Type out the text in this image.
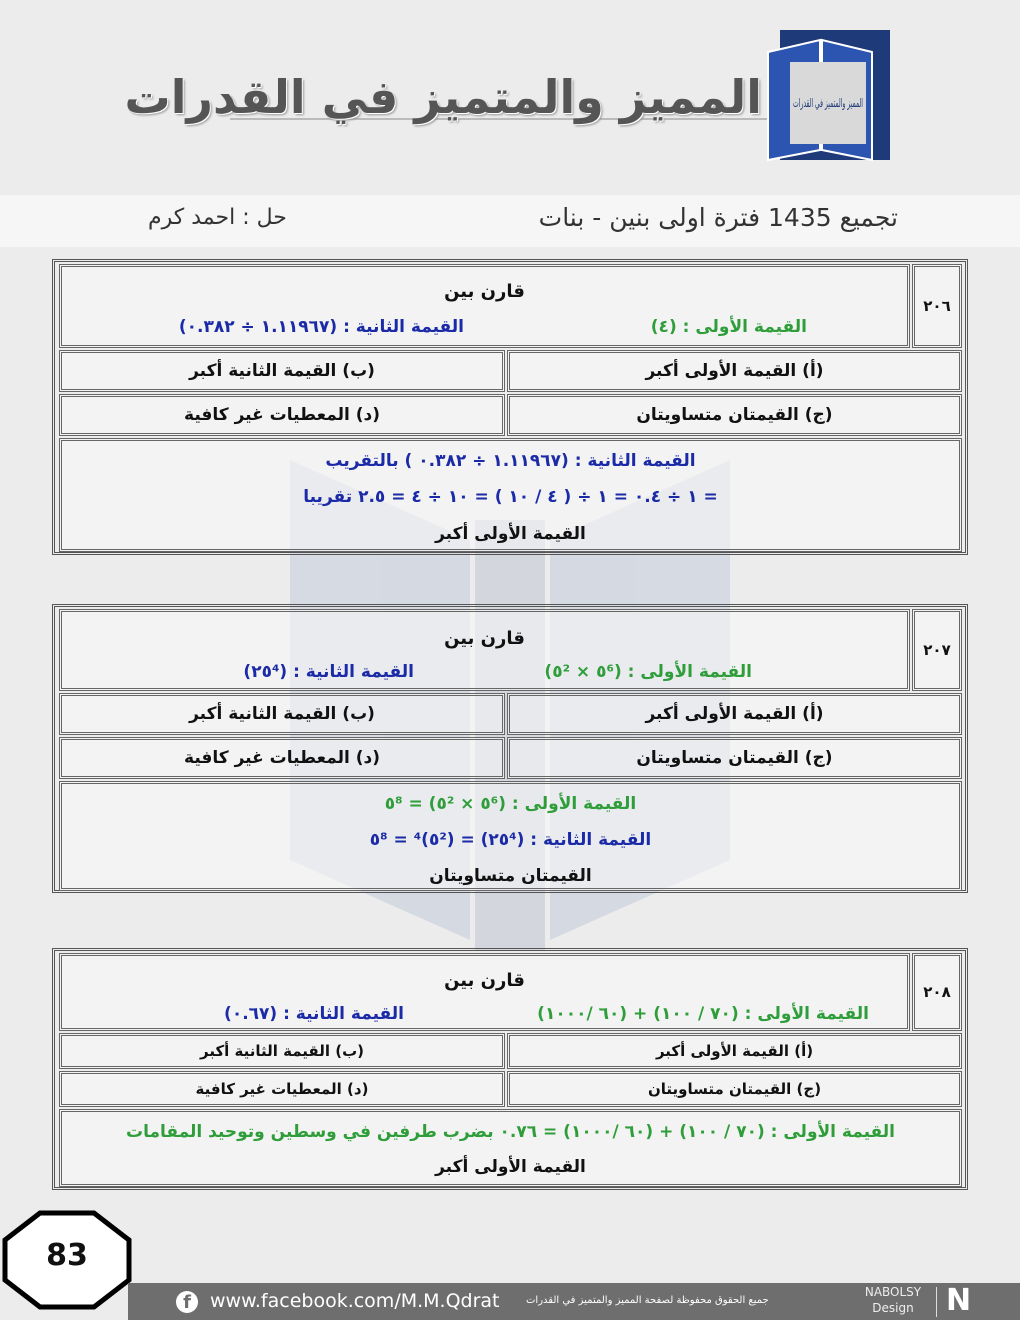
المميز والمتميز في القدرات	المميز والمتميز في القدرات
تجميع 1435 فترة اولى بنين - بنات
حل : احمد كرم
٢٠٦
قارن بين
القيمة الأولى : (٤)
القيمة الثانية : (١.١١٩٦٧ ÷ ٠.٣٨٢)
(أ) القيمة الأولى أكبر
(ب) القيمة الثانية أكبر
(ج) القيمتان متساويتان
(د) المعطيات غير كافية
القيمة الثانية : (١.١١٩٦٧ ÷ ٠.٣٨٢ ) بالتقريب
= ١ ÷ ٠.٤ = ١ ÷ ( ٤ / ١٠ ) = ١٠ ÷ ٤ = ٢.٥ تقريبا
القيمة الأولى أكبر
٢٠٧
قارن بين
القيمة الأولى : (٥⁶ × ٥²)
القيمة الثانية : (٢٥⁴)
(أ) القيمة الأولى أكبر
(ب) القيمة الثانية أكبر
(ج) القيمتان متساويتان
(د) المعطيات غير كافية
القيمة الأولى : (٥⁶ × ٥²) = ٥⁸
القيمة الثانية : (٢٥⁴) = (٥²)⁴ = ٥⁸
القيمتان متساويتان
٢٠٨
قارن بين
القيمة الأولى : (٧٠ / ١٠٠) + (٦٠ /١٠٠٠)
القيمة الثانية : (٠.٦٧)
(أ) القيمة الأولى أكبر
(ب) القيمة الثانية أكبر
(ج) القيمتان متساويتان
(د) المعطيات غير كافية
القيمة الأولى : (٧٠ / ١٠٠) + (٦٠ /١٠٠٠) = ٠.٧٦ بضرب طرفين في وسطين وتوحيد المقامات
القيمة الأولى أكبر
83
f	www.facebook.com/M.M.Qdrat	جميع الحقوق محفوظة لصفحة المميز والمتميز في القدرات
NABOLSY
Design	N
